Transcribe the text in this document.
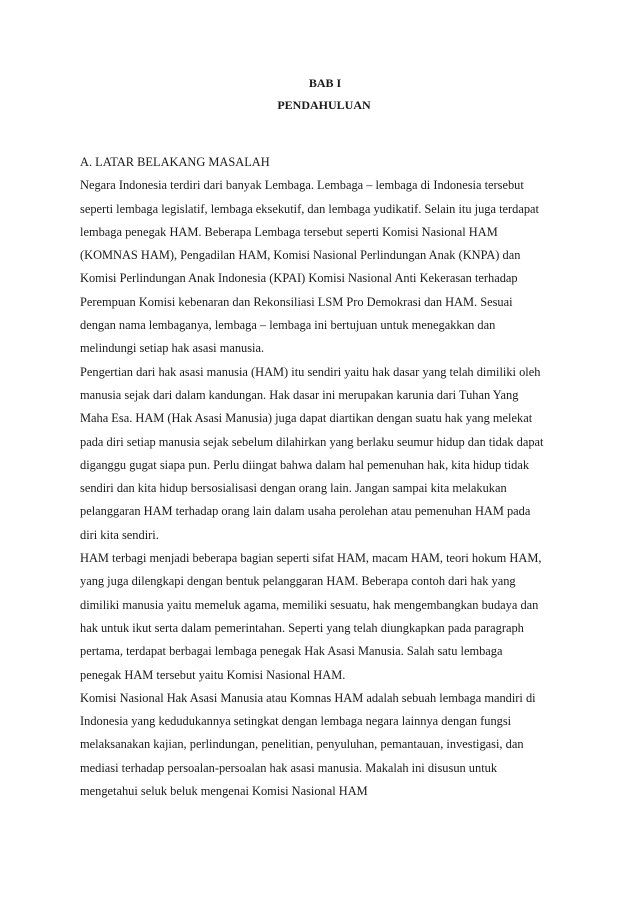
BAB I
PENDAHULUAN
A. LATAR BELAKANG MASALAH
Negara Indonesia terdiri dari banyak Lembaga. Lembaga – lembaga di Indonesia tersebut
seperti lembaga legislatif, lembaga eksekutif, dan lembaga yudikatif. Selain itu juga terdapat
lembaga penegak HAM. Beberapa Lembaga tersebut seperti Komisi Nasional HAM
(KOMNAS HAM), Pengadilan HAM, Komisi Nasional Perlindungan Anak (KNPA) dan
Komisi Perlindungan Anak Indonesia (KPAI) Komisi Nasional Anti Kekerasan terhadap
Perempuan Komisi kebenaran dan Rekonsiliasi LSM Pro Demokrasi dan HAM. Sesuai
dengan nama lembaganya, lembaga – lembaga ini bertujuan untuk menegakkan dan
melindungi setiap hak asasi manusia.
Pengertian dari hak asasi manusia (HAM) itu sendiri yaitu hak dasar yang telah dimiliki oleh
manusia sejak dari dalam kandungan. Hak dasar ini merupakan karunia dari Tuhan Yang
Maha Esa. HAM (Hak Asasi Manusia) juga dapat diartikan dengan suatu hak yang melekat
pada diri setiap manusia sejak sebelum dilahirkan yang berlaku seumur hidup dan tidak dapat
diganggu gugat siapa pun. Perlu diingat bahwa dalam hal pemenuhan hak, kita hidup tidak
sendiri dan kita hidup bersosialisasi dengan orang lain. Jangan sampai kita melakukan
pelanggaran HAM terhadap orang lain dalam usaha perolehan atau pemenuhan HAM pada
diri kita sendiri.
HAM terbagi menjadi beberapa bagian seperti sifat HAM, macam HAM, teori hokum HAM,
yang juga dilengkapi dengan bentuk pelanggaran HAM. Beberapa contoh dari hak yang
dimiliki manusia yaitu memeluk agama, memiliki sesuatu, hak mengembangkan budaya dan
hak untuk ikut serta dalam pemerintahan. Seperti yang telah diungkapkan pada paragraph
pertama, terdapat berbagai lembaga penegak Hak Asasi Manusia. Salah satu lembaga
penegak HAM tersebut yaitu Komisi Nasional HAM.
Komisi Nasional Hak Asasi Manusia atau Komnas HAM adalah sebuah lembaga mandiri di
Indonesia yang kedudukannya setingkat dengan lembaga negara lainnya dengan fungsi
melaksanakan kajian, perlindungan, penelitian, penyuluhan, pemantauan, investigasi, dan
mediasi terhadap persoalan-persoalan hak asasi manusia. Makalah ini disusun untuk
mengetahui seluk beluk mengenai Komisi Nasional HAM
